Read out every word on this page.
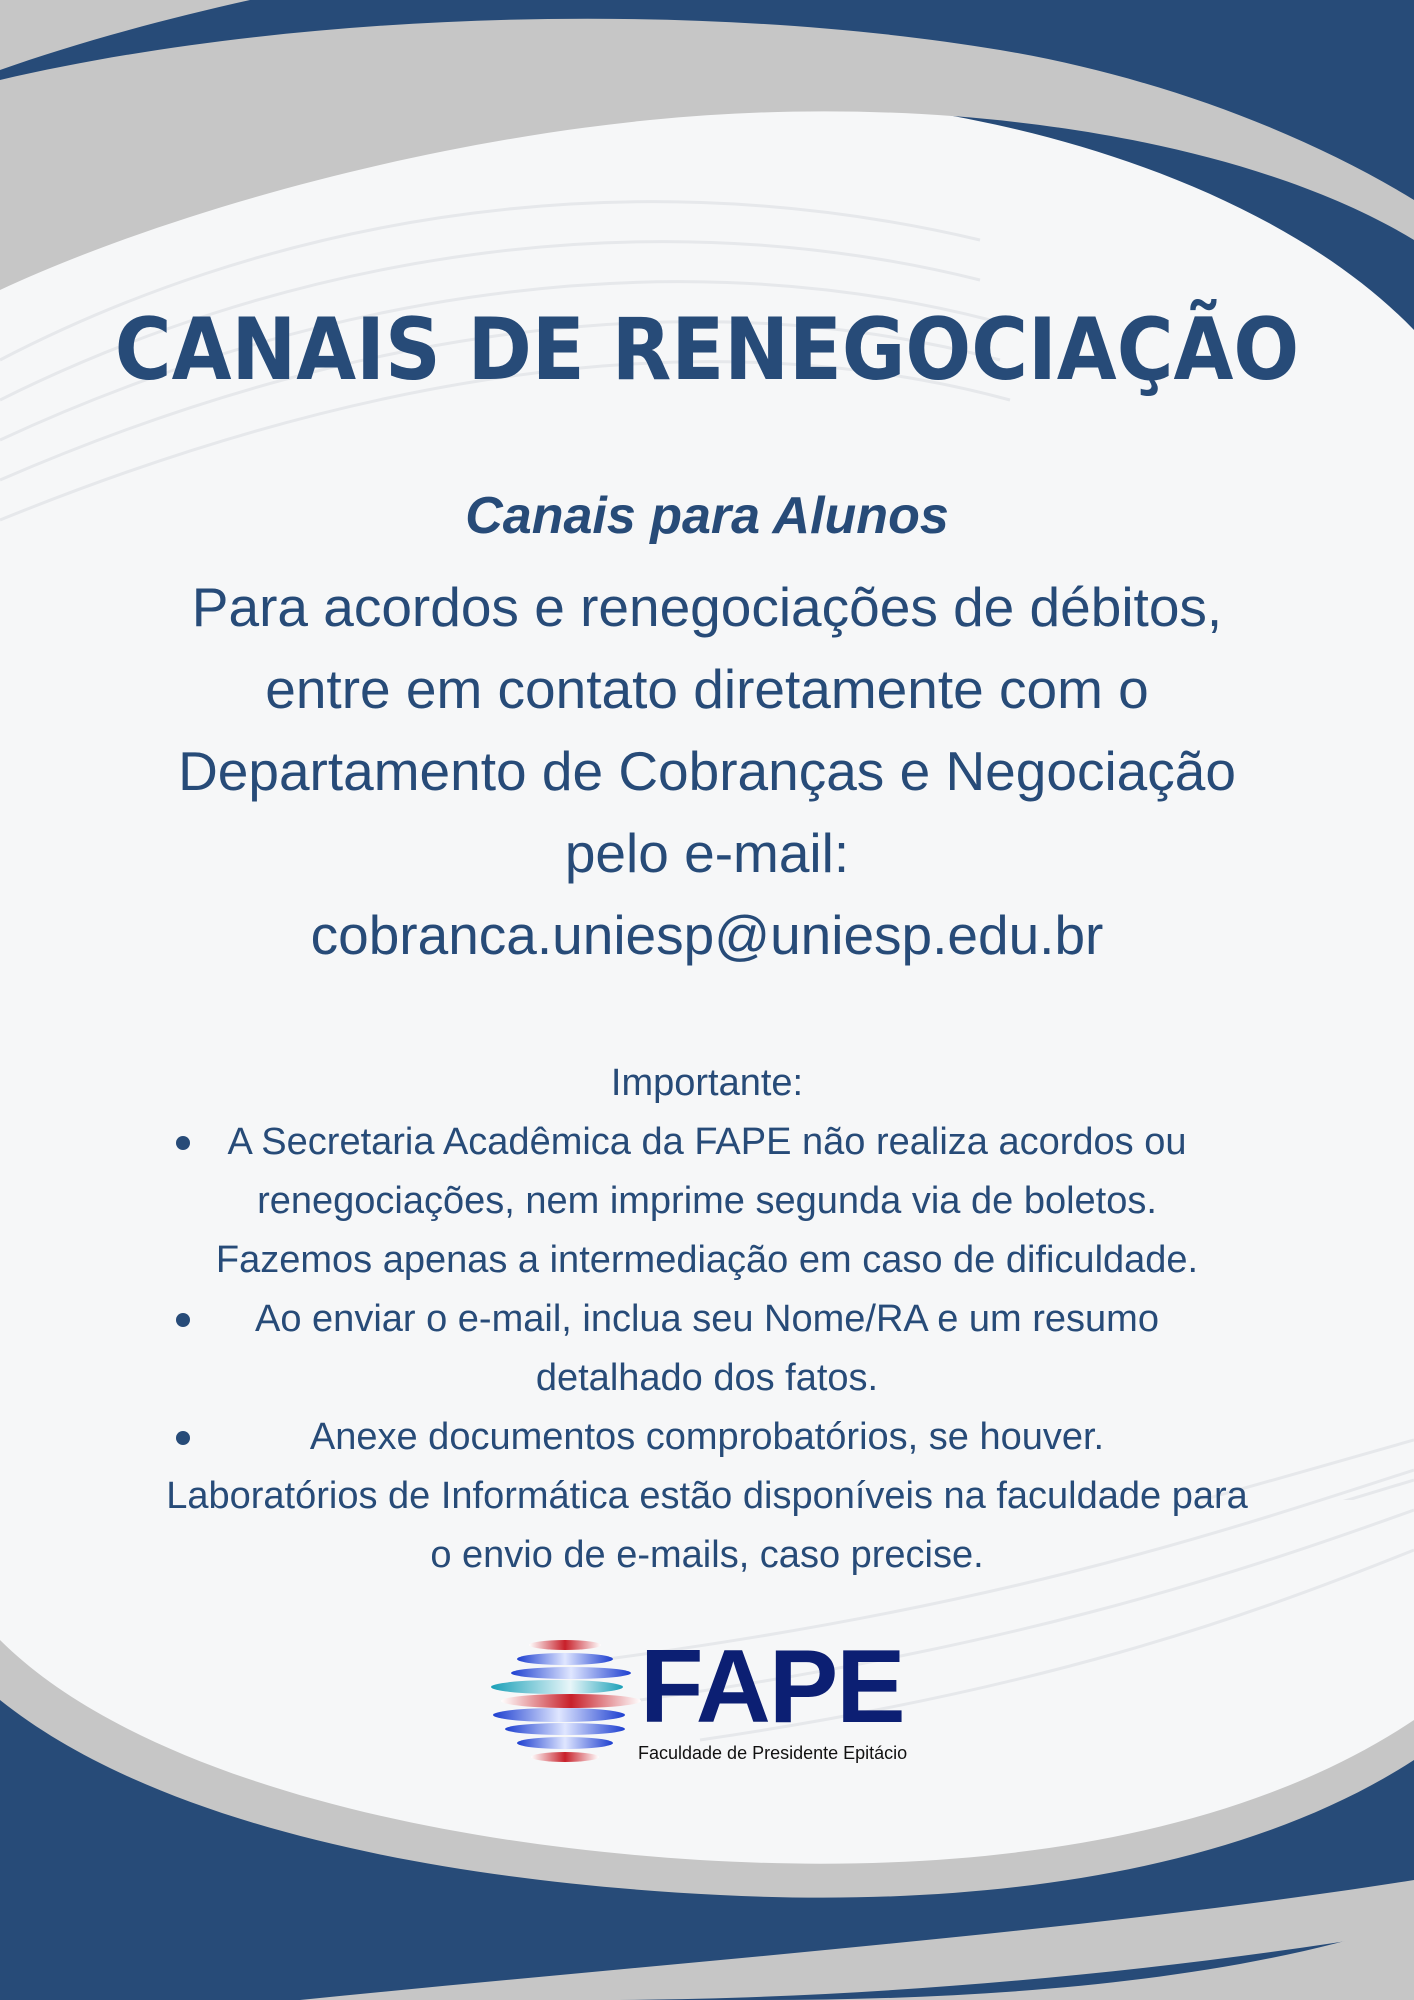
CANAIS DE RENEGOCIAÇÃO
Canais para Alunos
Para acordos e renegociações de débitos,
entre em contato diretamente com o
Departamento de Cobranças e Negociação
pelo e-mail:
cobranca.uniesp@uniesp.edu.br
Importante:
A Secretaria Acadêmica da FAPE não realiza acordos ou
renegociações, nem imprime segunda via de boletos.
Fazemos apenas a intermediação em caso de dificuldade.
Ao enviar o e-mail, inclua seu Nome/RA e um resumo
detalhado dos fatos.
Anexe documentos comprobatórios, se houver.
Laboratórios de Informática estão disponíveis na faculdade para
o envio de e-mails, caso precise.
FAPE
Faculdade de Presidente Epitácio
